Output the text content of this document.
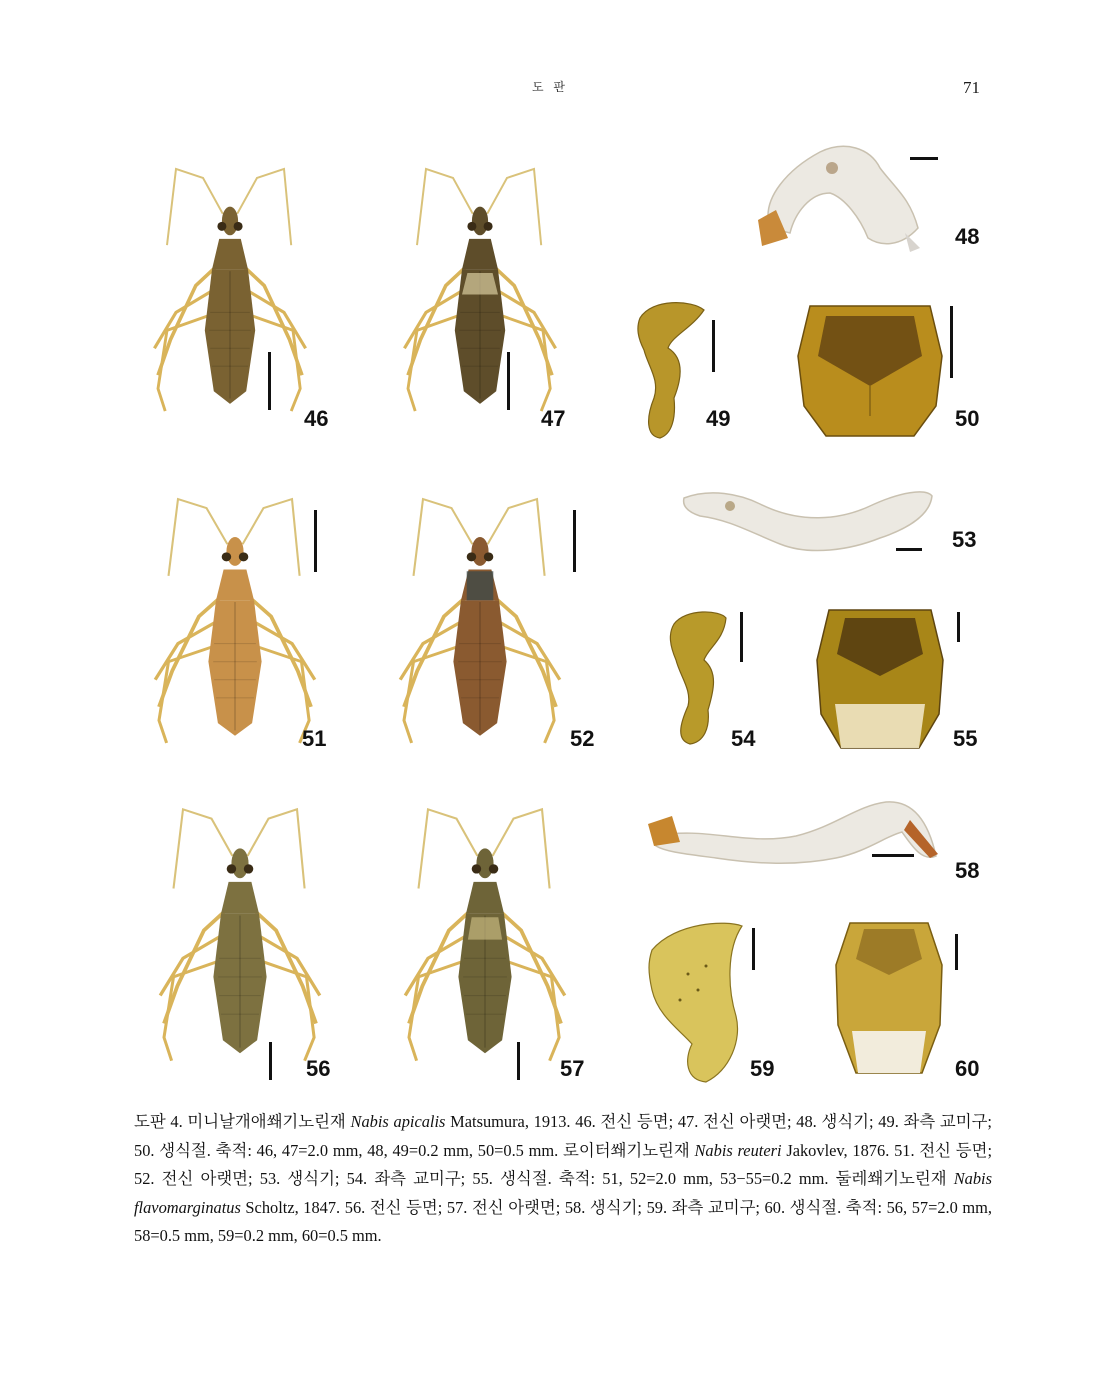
도 판	71
46	47
48
49	50
51	52
53
54	55
56	57
58
59	60
도판 4. 미니날개애쐐기노린재 Nabis apicalis Matsumura, 1913. 46. 전신 등면; 47. 전신 아랫면; 48. 생식기; 49. 좌측 교미구; 50. 생식절. 축적: 46, 47=2.0 mm, 48, 49=0.2 mm, 50=0.5 mm. 로이터쐐기노린재 Nabis reuteri Jakovlev, 1876. 51. 전신 등면; 52. 전신 아랫면; 53. 생식기; 54. 좌측 교미구; 55. 생식절. 축적: 51, 52=2.0 mm, 53−55=0.2 mm. 둘레쐐기노린재 Nabis flavomarginatus Scholtz, 1847. 56. 전신 등면; 57. 전신 아랫면; 58. 생식기; 59. 좌측 교미구; 60. 생식절. 축적: 56, 57=2.0 mm, 58=0.5 mm, 59=0.2 mm, 60=0.5 mm.
